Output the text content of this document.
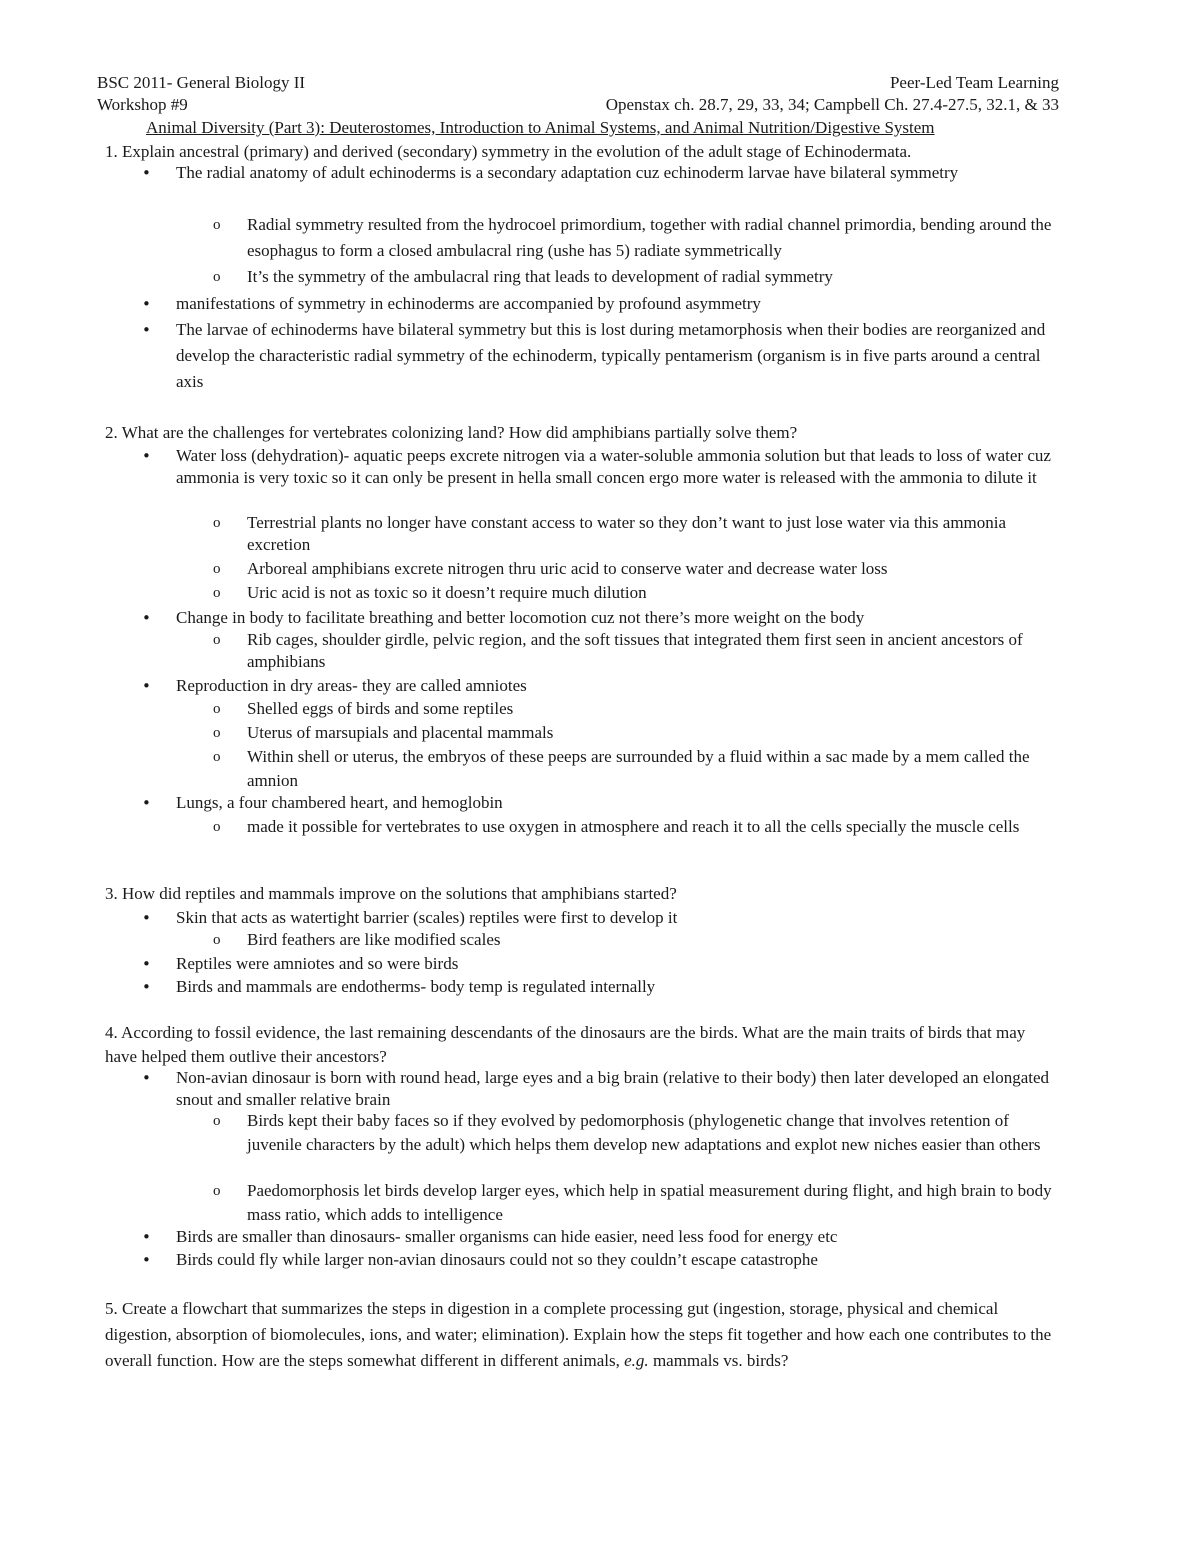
BSC 2011- General Biology II	Peer-Led Team Learning
Workshop #9	Openstax ch. 28.7, 29, 33, 34; Campbell Ch. 27.4-27.5, 32.1, & 33
Animal Diversity (Part 3): Deuterostomes, Introduction to Animal Systems, and Animal Nutrition/Digestive System
1. Explain ancestral (primary) and derived (secondary) symmetry in the evolution of the adult stage of Echinodermata.
• The radial anatomy of adult echinoderms is a secondary adaptation cuz echinoderm larvae have bilateral symmetry
o Radial symmetry resulted from the hydrocoel primordium, together with radial channel primordia, bending around the esophagus to form a closed ambulacral ring (ushe has 5) radiate symmetrically
o It’s the symmetry of the ambulacral ring that leads to development of radial symmetry
• manifestations of symmetry in echinoderms are accompanied by profound asymmetry
• The larvae of echinoderms have bilateral symmetry but this is lost during metamorphosis when their bodies are reorganized and develop the characteristic radial symmetry of the echinoderm, typically pentamerism (organism is in five parts around a central axis
2. What are the challenges for vertebrates colonizing land? How did amphibians partially solve them?
• Water loss (dehydration)- aquatic peeps excrete nitrogen via a water-soluble ammonia solution but that leads to loss of water cuz ammonia is very toxic so it can only be present in hella small concen ergo more water is released with the ammonia to dilute it
o Terrestrial plants no longer have constant access to water so they don’t want to just lose water via this ammonia excretion
o Arboreal amphibians excrete nitrogen thru uric acid to conserve water and decrease water loss
o Uric acid is not as toxic so it doesn’t require much dilution
• Change in body to facilitate breathing and better locomotion cuz not there’s more weight on the body
o Rib cages, shoulder girdle, pelvic region, and the soft tissues that integrated them first seen in ancient ancestors of amphibians
• Reproduction in dry areas- they are called amniotes
o Shelled eggs of birds and some reptiles
o Uterus of marsupials and placental mammals
o Within shell or uterus, the embryos of these peeps are surrounded by a fluid within a sac made by a mem called the amnion
• Lungs, a four chambered heart, and hemoglobin
o made it possible for vertebrates to use oxygen in atmosphere and reach it to all the cells specially the muscle cells
3. How did reptiles and mammals improve on the solutions that amphibians started?
• Skin that acts as watertight barrier (scales) reptiles were first to develop it
o Bird feathers are like modified scales
• Reptiles were amniotes and so were birds
• Birds and mammals are endotherms- body temp is regulated internally
4. According to fossil evidence, the last remaining descendants of the dinosaurs are the birds. What are the main traits of birds that may have helped them outlive their ancestors?
• Non-avian dinosaur is born with round head, large eyes and a big brain (relative to their body) then later developed an elongated snout and smaller relative brain
o Birds kept their baby faces so if they evolved by pedomorphosis (phylogenetic change that involves retention of juvenile characters by the adult) which helps them develop new adaptations and explot new niches easier than others
o Paedomorphosis let birds develop larger eyes, which help in spatial measurement during flight, and high brain to body mass ratio, which adds to intelligence
• Birds are smaller than dinosaurs- smaller organisms can hide easier, need less food for energy etc
• Birds could fly while larger non-avian dinosaurs could not so they couldn’t escape catastrophe
5. Create a flowchart that summarizes the steps in digestion in a complete processing gut (ingestion, storage, physical and chemical digestion, absorption of biomolecules, ions, and water; elimination). Explain how the steps fit together and how each one contributes to the overall function. How are the steps somewhat different in different animals, e.g. mammals vs. birds?
